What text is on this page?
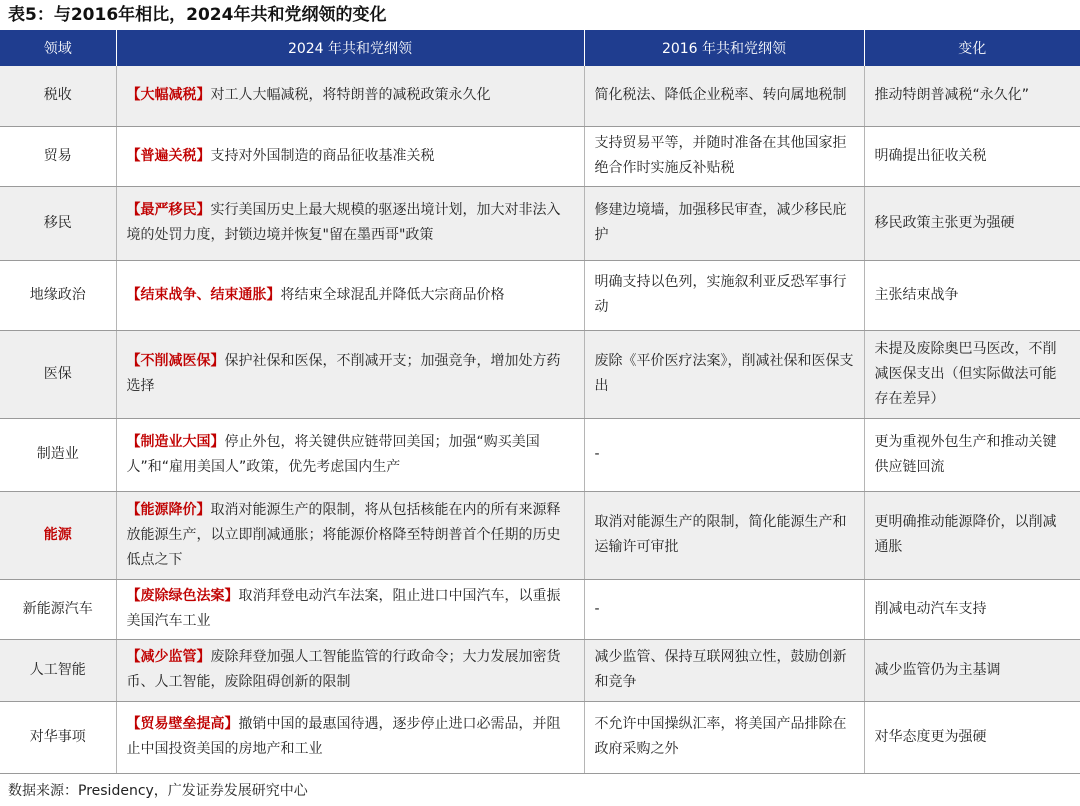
表5：与2016年相比，2024年共和党纲领的变化
领域	2024 年共和党纲领	2016 年共和党纲领	变化
税收	【大幅减税】对工人大幅减税，将特朗普的减税政策永久化	简化税法、降低企业税率、转向属地税制	推动特朗普减税“永久化”
贸易	【普遍关税】支持对外国制造的商品征收基准关税	支持贸易平等，并随时准备在其他国家拒绝合作时实施反补贴税	明确提出征收关税
移民	【最严移民】实行美国历史上最大规模的驱逐出境计划，加大对非法入境的处罚力度，封锁边境并恢复"留在墨西哥"政策	修建边境墙，加强移民审查，减少移民庇护	移民政策主张更为强硬
地缘政治	【结束战争、结束通胀】将结束全球混乱并降低大宗商品价格	明确支持以色列，实施叙利亚反恐军事行动	主张结束战争
医保	【不削减医保】保护社保和医保，不削减开支；加强竞争，增加处方药选择	废除《平价医疗法案》，削减社保和医保支出	未提及废除奥巴马医改，不削减医保支出（但实际做法可能存在差异）
制造业	【制造业大国】停止外包，将关键供应链带回美国；加强“购买美国人”和“雇用美国人”政策，优先考虑国内生产	-	更为重视外包生产和推动关键供应链回流
能源	【能源降价】取消对能源生产的限制，将从包括核能在内的所有来源释放能源生产，以立即削减通胀；将能源价格降至特朗普首个任期的历史低点之下	取消对能源生产的限制，简化能源生产和运输许可审批	更明确推动能源降价，以削减通胀
新能源汽车	【废除绿色法案】取消拜登电动汽车法案，阻止进口中国汽车，以重振美国汽车工业	-	削减电动汽车支持
人工智能	【减少监管】废除拜登加强人工智能监管的行政命令；大力发展加密货币、人工智能，废除阻碍创新的限制	减少监管、保持互联网独立性，鼓励创新和竞争	减少监管仍为主基调
对华事项	【贸易壁垒提高】撤销中国的最惠国待遇，逐步停止进口必需品，并阻止中国投资美国的房地产和工业	不允许中国操纵汇率，将美国产品排除在政府采购之外	对华态度更为强硬
数据来源：Presidency，广发证券发展研究中心
